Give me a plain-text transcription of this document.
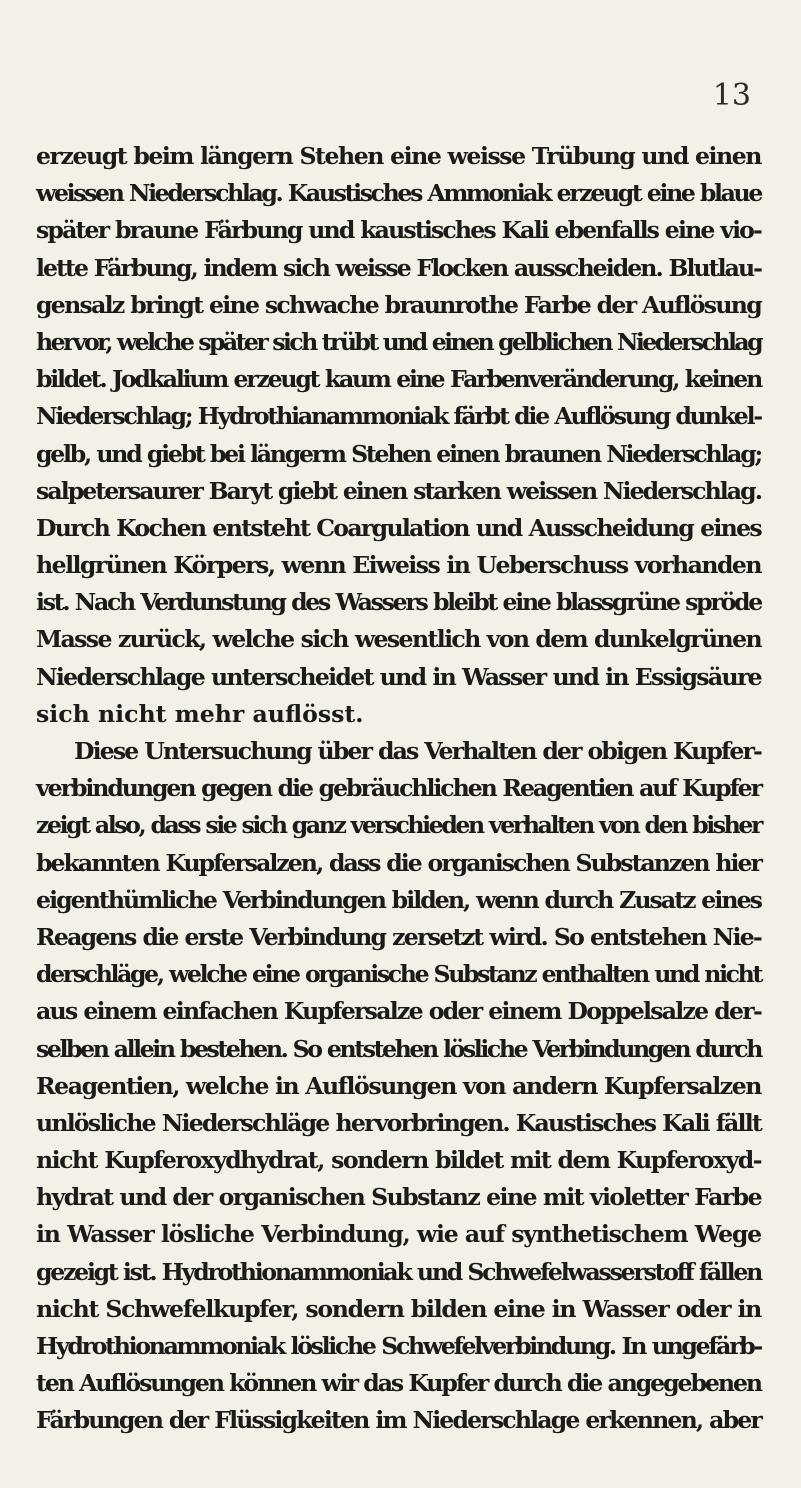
13
erzeugt beim längern Stehen eine weisse Trübung und einen
weissen Niederschlag. Kaustisches Ammoniak erzeugt eine blaue
später braune Färbung und kaustisches Kali ebenfalls eine vio-
lette Färbung, indem sich weisse Flocken ausscheiden. Blutlau-
gensalz bringt eine schwache braunrothe Farbe der Auflösung
hervor, welche später sich trübt und einen gelblichen Niederschlag
bildet. Jodkalium erzeugt kaum eine Farbenveränderung, keinen
Niederschlag; Hydrothianammoniak färbt die Auflösung dunkel-
gelb, und giebt bei längerm Stehen einen braunen Niederschlag;
salpetersaurer Baryt giebt einen starken weissen Niederschlag.
Durch Kochen entsteht Coargulation und Ausscheidung eines
hellgrünen Körpers, wenn Eiweiss in Ueberschuss vorhanden
ist. Nach Verdunstung des Wassers bleibt eine blassgrüne spröde
Masse zurück, welche sich wesentlich von dem dunkelgrünen
Niederschlage unterscheidet und in Wasser und in Essigsäure
sich nicht mehr auflösst.
Diese Untersuchung über das Verhalten der obigen Kupfer-
verbindungen gegen die gebräuchlichen Reagentien auf Kupfer
zeigt also, dass sie sich ganz verschieden verhalten von den bisher
bekannten Kupfersalzen, dass die organischen Substanzen hier
eigenthümliche Verbindungen bilden, wenn durch Zusatz eines
Reagens die erste Verbindung zersetzt wird. So entstehen Nie-
derschläge, welche eine organische Substanz enthalten und nicht
aus einem einfachen Kupfersalze oder einem Doppelsalze der-
selben allein bestehen. So entstehen lösliche Verbindungen durch
Reagentien, welche in Auflösungen von andern Kupfersalzen
unlösliche Niederschläge hervorbringen. Kaustisches Kali fällt
nicht Kupferoxydhydrat, sondern bildet mit dem Kupferoxyd-
hydrat und der organischen Substanz eine mit violetter Farbe
in Wasser lösliche Verbindung, wie auf synthetischem Wege
gezeigt ist. Hydrothionammoniak und Schwefelwasserstoff fällen
nicht Schwefelkupfer, sondern bilden eine in Wasser oder in
Hydrothionammoniak lösliche Schwefelverbindung. In ungefärb-
ten Auflösungen können wir das Kupfer durch die angegebenen
Färbungen der Flüssigkeiten im Niederschlage erkennen, aber
